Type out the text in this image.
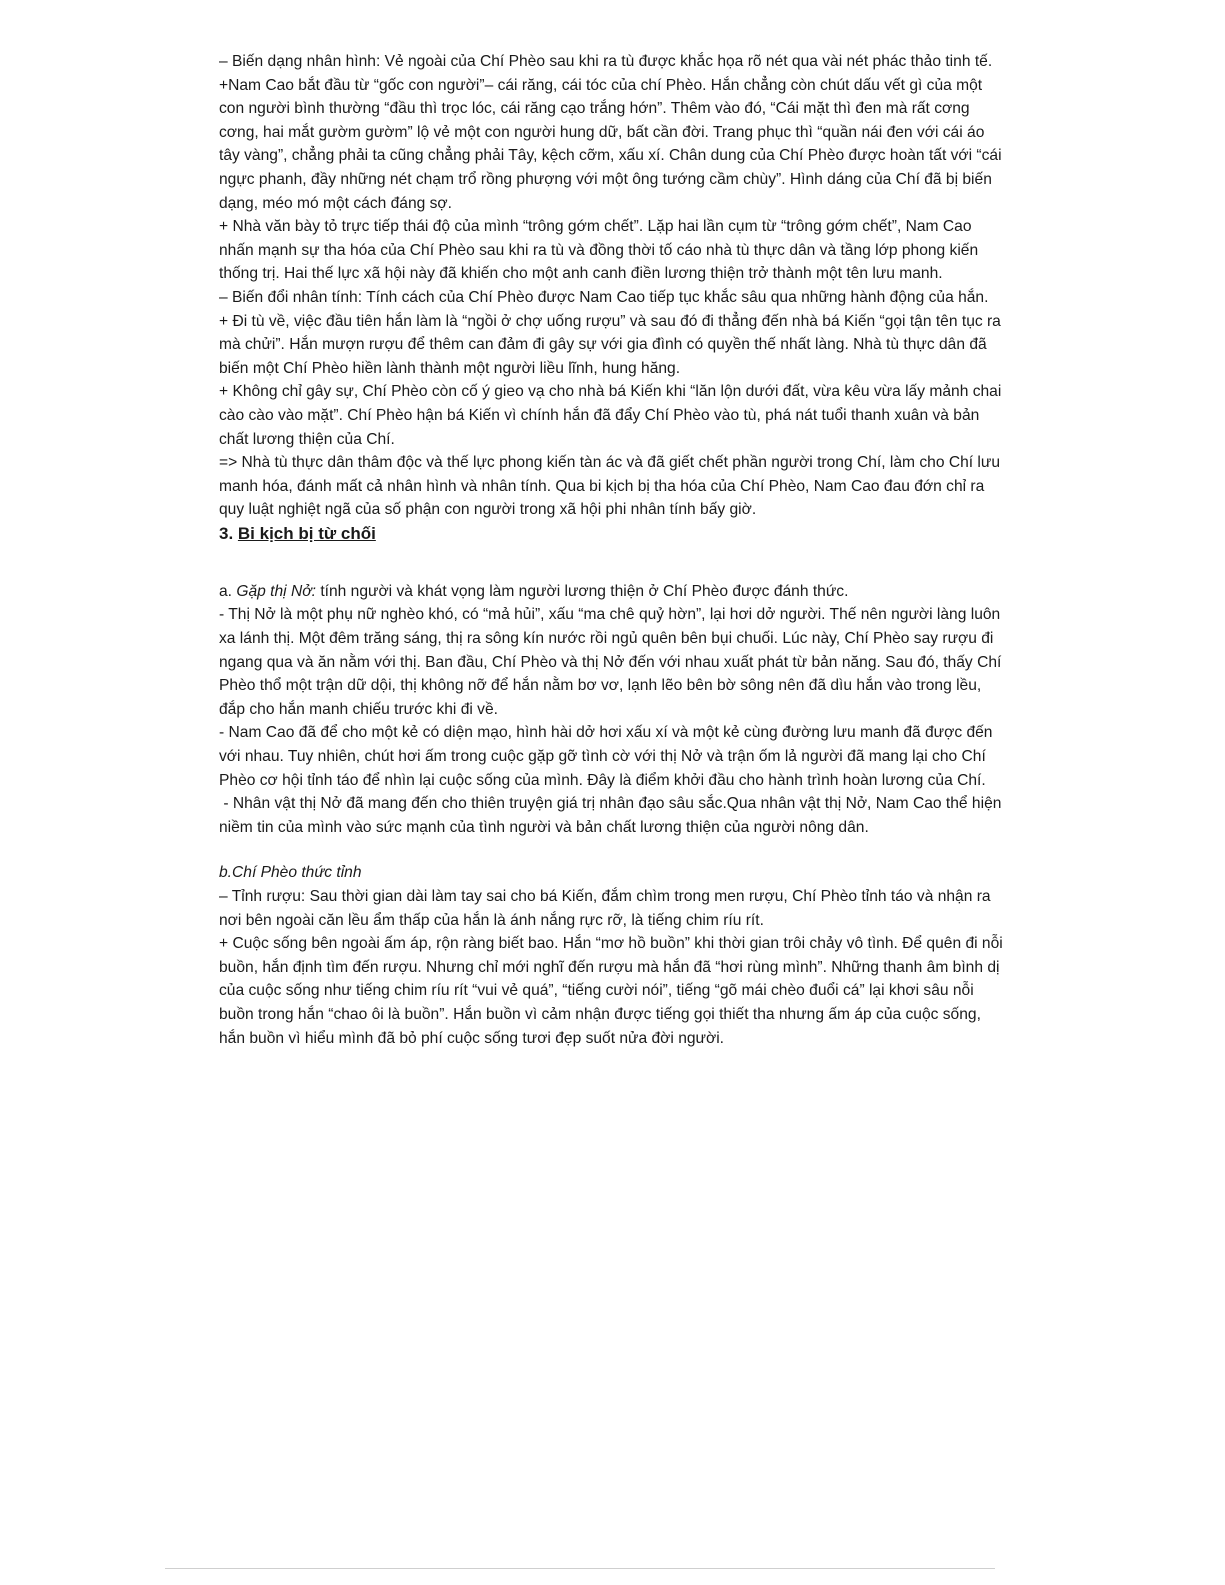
– Biến dạng nhân hình: Vẻ ngoài của Chí Phèo sau khi ra tù được khắc họa rõ nét qua vài nét phác thảo tinh tế.

+Nam Cao bắt đầu từ “gốc con người”– cái răng, cái tóc của chí Phèo. Hắn chẳng còn chút dấu vết gì của một con người bình thường “đầu thì trọc lóc, cái răng cạo trắng hớn”. Thêm vào đó, “Cái mặt thì đen mà rất cơng cơng, hai mắt gườm gườm” lộ vẻ một con người hung dữ, bất cần đời. Trang phục thì “quần nái đen với cái áo tây vàng”, chẳng phải ta cũng chẳng phải Tây, kệch cỡm, xấu xí. Chân dung của Chí Phèo được hoàn tất với “cái ngực phanh, đầy những nét chạm trổ rồng phượng với một ông tướng cầm chùy”. Hình dáng của Chí đã bị biến dạng, méo mó một cách đáng sợ.

+ Nhà văn bày tỏ trực tiếp thái độ của mình “trông gớm chết”. Lặp hai lần cụm từ “trông gớm chết”, Nam Cao nhấn mạnh sự tha hóa của Chí Phèo sau khi ra tù và đồng thời tố cáo nhà tù thực dân và tầng lớp phong kiến thống trị. Hai thế lực xã hội này đã khiến cho một anh canh điền lương thiện trở thành một tên lưu manh.

– Biến đổi nhân tính: Tính cách của Chí Phèo được Nam Cao tiếp tục khắc sâu qua những hành động của hắn.

+ Đi tù về, việc đầu tiên hắn làm là “ngồi ở chợ uống rượu” và sau đó đi thẳng đến nhà bá Kiến “gọi tận tên tục ra mà chửi”. Hắn mượn rượu để thêm can đảm đi gây sự với gia đình có quyền thế nhất làng. Nhà tù thực dân đã biến một Chí Phèo hiền lành thành một người liều lĩnh, hung hăng.

+ Không chỉ gây sự, Chí Phèo còn cố ý gieo vạ cho nhà bá Kiến khi “lăn lộn dưới đất, vừa kêu vừa lấy mảnh chai cào cào vào mặt”. Chí Phèo hận bá Kiến vì chính hắn đã đẩy Chí Phèo vào tù, phá nát tuổi thanh xuân và bản chất lương thiện của Chí.

=> Nhà tù thực dân thâm độc và thế lực phong kiến tàn ác và đã giết chết phần người trong Chí, làm cho Chí lưu manh hóa, đánh mất cả nhân hình và nhân tính. Qua bi kịch bị tha hóa của Chí Phèo, Nam Cao đau đớn chỉ ra quy luật nghiệt ngã của số phận con người trong xã hội phi nhân tính bấy giờ.

3. Bi kịch bị từ chối

a. Gặp thị Nở: tính người và khát vọng làm người lương thiện ở Chí Phèo được đánh thức.

- Thị Nở là một phụ nữ nghèo khó, có “mả hủi”, xấu “ma chê quỷ hờn”, lại hơi dở người. Thế nên người làng luôn xa lánh thị. Một đêm trăng sáng, thị ra sông kín nước rồi ngủ quên bên bụi chuối. Lúc này, Chí Phèo say rượu đi ngang qua và ăn nằm với thị. Ban đầu, Chí Phèo và thị Nở đến với nhau xuất phát từ bản năng. Sau đó, thấy Chí Phèo thổ một trận dữ dội, thị không nỡ để hắn nằm bơ vơ, lạnh lẽo bên bờ sông nên đã dìu hắn vào trong lều, đắp cho hắn manh chiếu trước khi đi về.

- Nam Cao đã để cho một kẻ có diện mạo, hình hài dở hơi xấu xí và một kẻ cùng đường lưu manh đã được đến với nhau. Tuy nhiên, chút hơi ấm trong cuộc gặp gỡ tình cờ với thị Nở và trận ốm lả người đã mang lại cho Chí Phèo cơ hội tỉnh táo để nhìn lại cuộc sống của mình. Đây là điểm khởi đầu cho hành trình hoàn lương của Chí.

- Nhân vật thị Nở đã mang đến cho thiên truyện giá trị nhân đạo sâu sắc.Qua nhân vật thị Nở, Nam Cao thể hiện niềm tin của mình vào sức mạnh của tình người và bản chất lương thiện của người nông dân.

b.Chí Phèo thức tỉnh

– Tỉnh rượu: Sau thời gian dài làm tay sai cho bá Kiến, đắm chìm trong men rượu, Chí Phèo tỉnh táo và nhận ra nơi bên ngoài căn lều ẩm thấp của hắn là ánh nắng rực rỡ, là tiếng chim ríu rít.

+ Cuộc sống bên ngoài ấm áp, rộn ràng biết bao. Hắn “mơ hồ buồn” khi thời gian trôi chảy vô tình. Để quên đi nỗi buồn, hắn định tìm đến rượu. Nhưng chỉ mới nghĩ đến rượu mà hắn đã “hơi rùng mình”. Những thanh âm bình dị của cuộc sống như tiếng chim ríu rít “vui vẻ quá”, “tiếng cười nói”, tiếng “gõ mái chèo đuổi cá” lại khơi sâu nỗi buồn trong hắn “chao ôi là buồn”. Hắn buồn vì cảm nhận được tiếng gọi thiết tha nhưng ấm áp của cuộc sống, hắn buồn vì hiểu mình đã bỏ phí cuộc sống tươi đẹp suốt nửa đời người.
